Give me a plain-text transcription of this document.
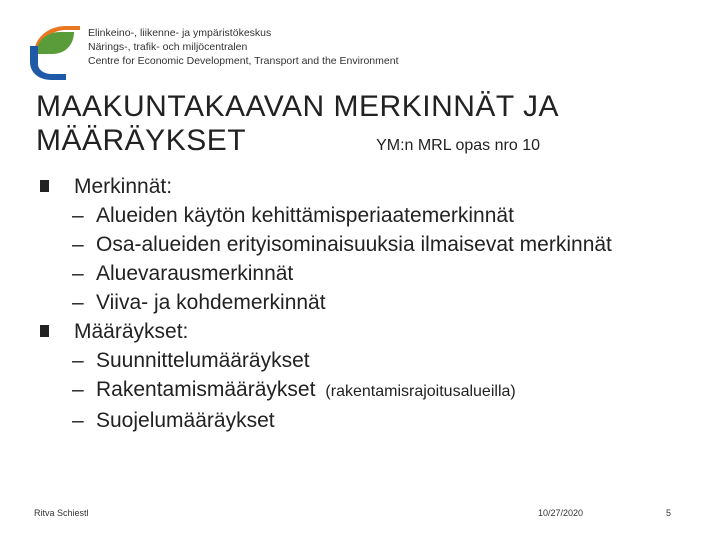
Elinkeino-, liikenne- ja ympäristökeskus
Närings-, trafik- och miljöcentralen
Centre for Economic Development, Transport and the Environment
MAAKUNTAKAAVAN MERKINNÄT JA
MÄÄRÄYKSET	YM:n MRL opas nro 10
Merkinnät:
– Alueiden käytön kehittämisperiaatemerkinnät
– Osa-alueiden erityisominaisuuksia ilmaisevat merkinnät
– Aluevarausmerkinnät
– Viiva- ja kohdemerkinnät
Määräykset:
– Suunnittelumääräykset
– Rakentamismääräykset (rakentamisrajoitusalueilla)
– Suojelumääräykset
Ritva Schiestl	10/27/2020	5
